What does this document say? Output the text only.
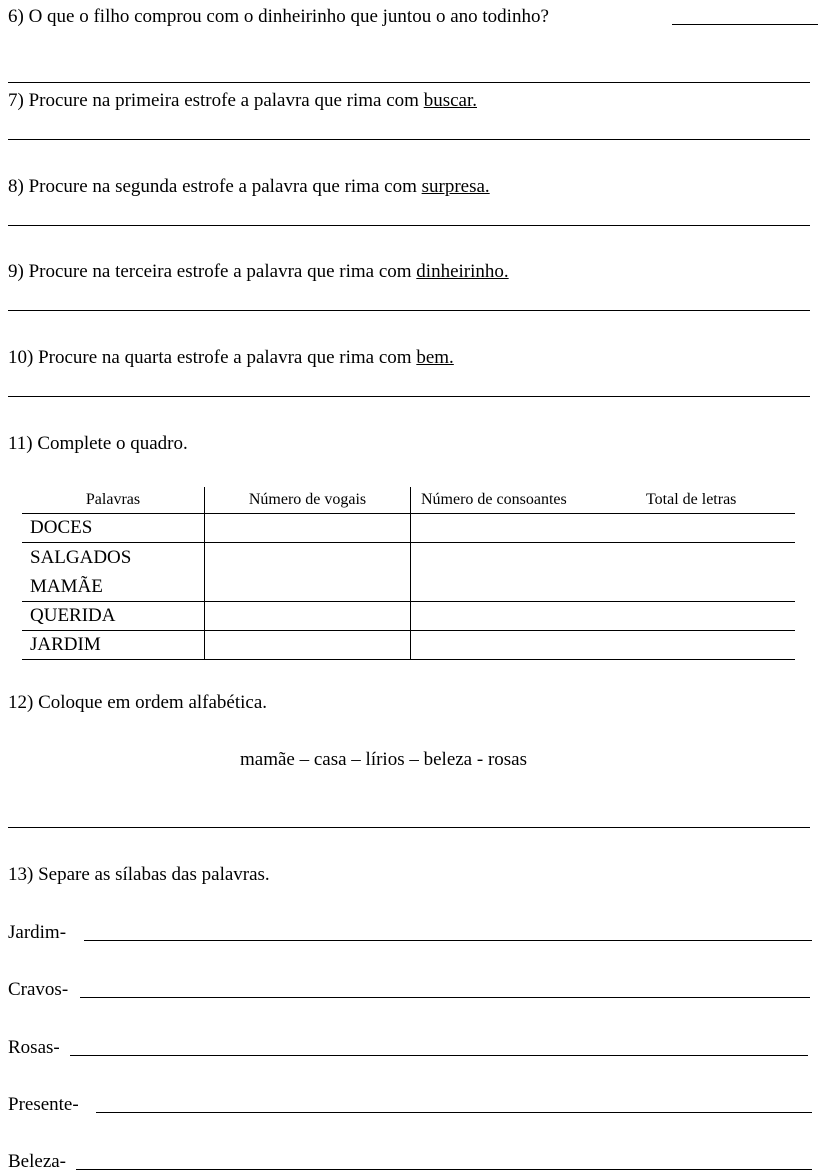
6) O que o filho comprou com o dinheirinho que juntou o ano todinho?
7) Procure na primeira estrofe a palavra que rima com buscar.
8) Procure na segunda estrofe a palavra que rima com surpresa.
9) Procure na terceira estrofe a palavra que rima com dinheirinho.
10) Procure na quarta estrofe a palavra que rima com bem.
11) Complete o quadro.
Palavras	Número de vogais	Número de consoantes	Total de letras
DOCES			
SALGADOS
MAMÃE			
QUERIDA			
JARDIM			
12) Coloque em ordem alfabética.
mamãe – casa – lírios – beleza - rosas
13) Separe as sílabas das palavras.
Jardim-
Cravos-
Rosas-
Presente-
Beleza-
